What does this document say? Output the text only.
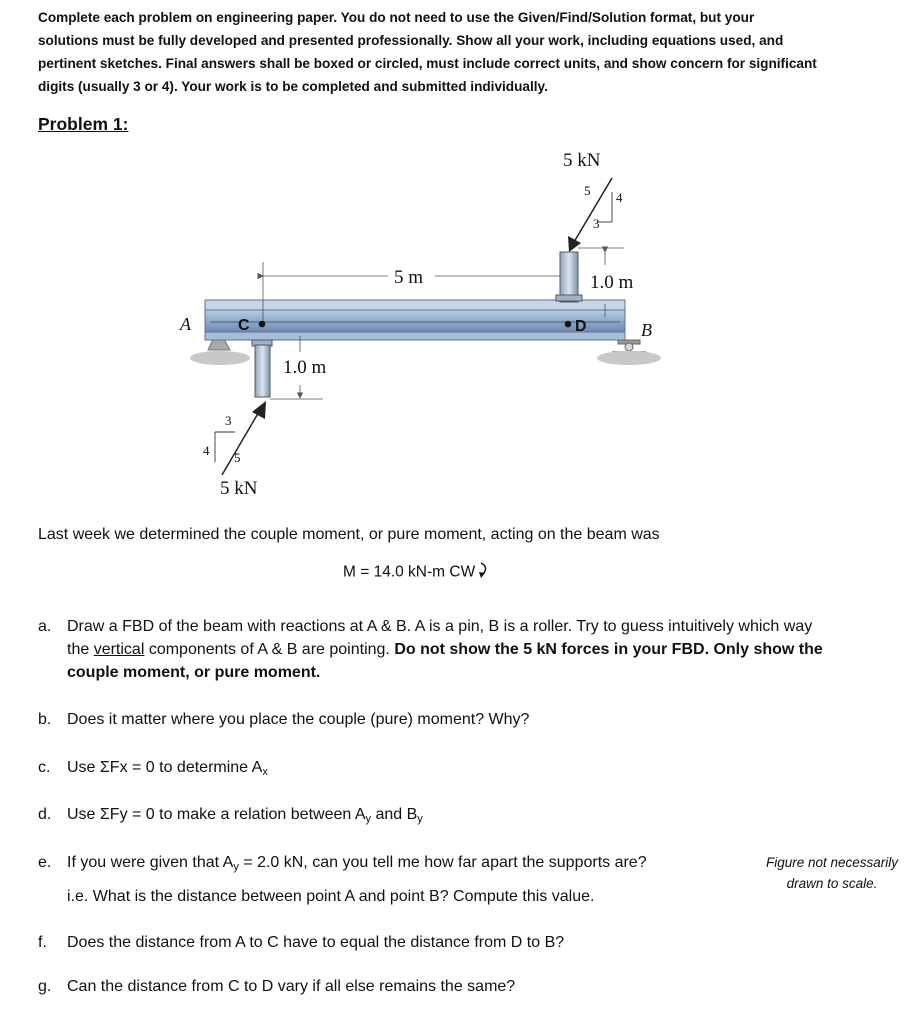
Complete each problem on engineering paper. You do not need to use the Given/Find/Solution format, but your solutions must be fully developed and presented professionally. Show all your work, including equations used, and pertinent sketches. Final answers shall be boxed or circled, must include correct units, and show concern for significant digits (usually 3 or 4). Your work is to be completed and submitted individually.
Problem 1:
5 m
5 kN
5 4
3
1.0 m
A	C	D	B
1.0 m
3
4 5
5 kN
Last week we determined the couple moment, or pure moment, acting on the beam was
M = 14.0 kN-m CW
a. Draw a FBD of the beam with reactions at A & B. A is a pin, B is a roller. Try to guess intuitively which way the vertical components of A & B are pointing. Do not show the 5 kN forces in your FBD. Only show the couple moment, or pure moment.
b. Does it matter where you place the couple (pure) moment? Why?
c.	Use ΣFx = 0 to determine $A_x$
d. Use ΣFy = 0 to make a relation between $A_y$ and $B_y$
e. If you were given that $A_y = 2.0$ kN, can you tell me how far apart the supports are?
i.e. What is the distance between point A and point B? Compute this value.
Figure not necessarily
drawn to scale.
f.	Does the distance from A to C have to equal the distance from D to B?
g. Can the distance from C to D vary if all else remains the same?
